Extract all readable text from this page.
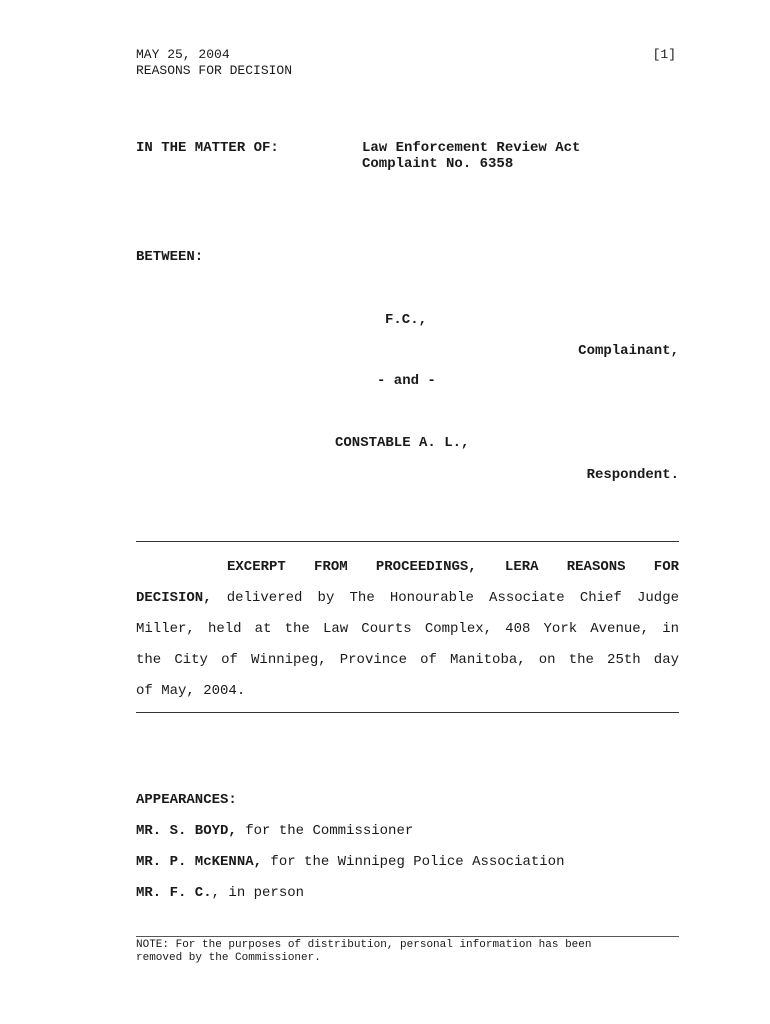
MAY 25, 2004
REASONS FOR DECISION
[1]
IN THE MATTER OF:	Law Enforcement Review Act
Complaint No. 6358
BETWEEN:
F.C.,
Complainant,
- and -
CONSTABLE A. L.,
Respondent.
EXCERPT FROM PROCEEDINGS, LERA REASONS FOR
DECISION, delivered by The Honourable Associate Chief Judge
Miller, held at the Law Courts Complex, 408 York Avenue, in
the City of Winnipeg, Province of Manitoba, on the 25th day
of May, 2004.
APPEARANCES:
MR. S. BOYD, for the Commissioner
MR. P. McKENNA, for the Winnipeg Police Association
MR. F. C., in person
NOTE: For the purposes of distribution, personal information has been
removed by the Commissioner.
